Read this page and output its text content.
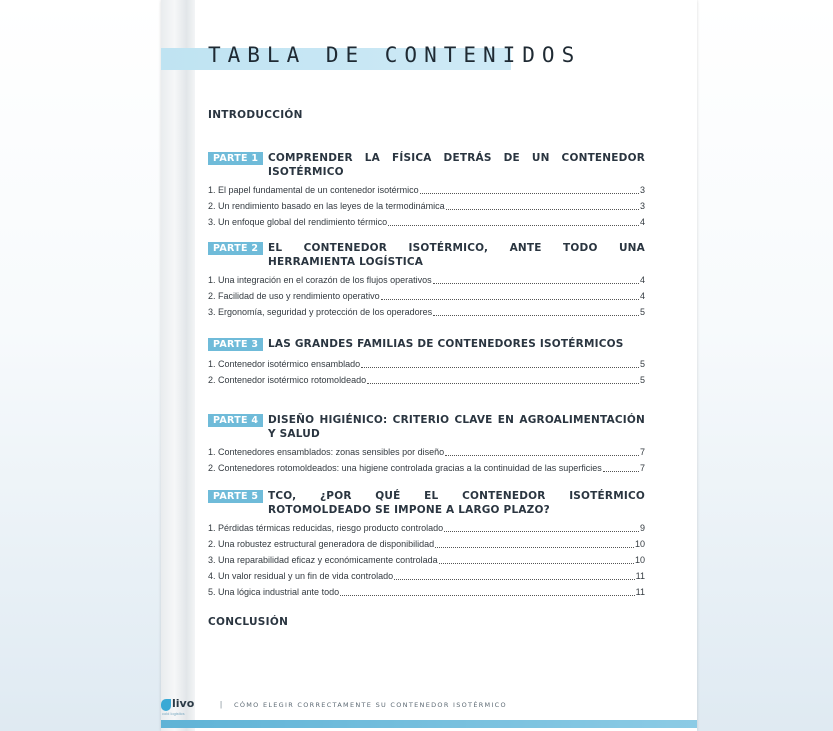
TABLA DE CONTENIDOS
INTRODUCCIÓN
PARTE 1 COMPRENDER LA FÍSICA DETRÁS DE UN CONTENEDOR ISOTÉRMICO
1. El papel fundamental de un contenedor isotérmico	3
2. Un rendimiento basado en las leyes de la termodinámica	3
3. Un enfoque global del rendimiento térmico	4
PARTE 2 EL CONTENEDOR ISOTÉRMICO, ANTE TODO UNA HERRAMIENTA LOGÍSTICA
1. Una integración en el corazón de los flujos operativos	4
2. Facilidad de uso y rendimiento operativo	4
3. Ergonomía, seguridad y protección de los operadores	5
PARTE 3 LAS GRANDES FAMILIAS DE CONTENEDORES ISOTÉRMICOS
1. Contenedor isotérmico ensamblado	5
2. Contenedor isotérmico rotomoldeado	5
PARTE 4 DISEÑO HIGIÉNICO: CRITERIO CLAVE EN AGROALIMENTACIÓN Y SALUD
1. Contenedores ensamblados: zonas sensibles por diseño	7
2. Contenedores rotomoldeados: una higiene controlada gracias a la continuidad de las superficies	7
PARTE 5 TCO, ¿POR QUÉ EL CONTENEDOR ISOTÉRMICO ROTOMOLDEADO SE IMPONE A LARGO PLAZO?
1. Pérdidas térmicas reducidas, riesgo producto controlado	9
2. Una robustez estructural generadora de disponibilidad	10
3. Una reparabilidad eficaz y económicamente controlada	10
4. Un valor residual y un fin de vida controlado	11
5. Una lógica industrial ante todo	11
CONCLUSIÓN
livo
cold logistics
| CÓMO ELEGIR CORRECTAMENTE SU CONTENEDOR ISOTÉRMICO
